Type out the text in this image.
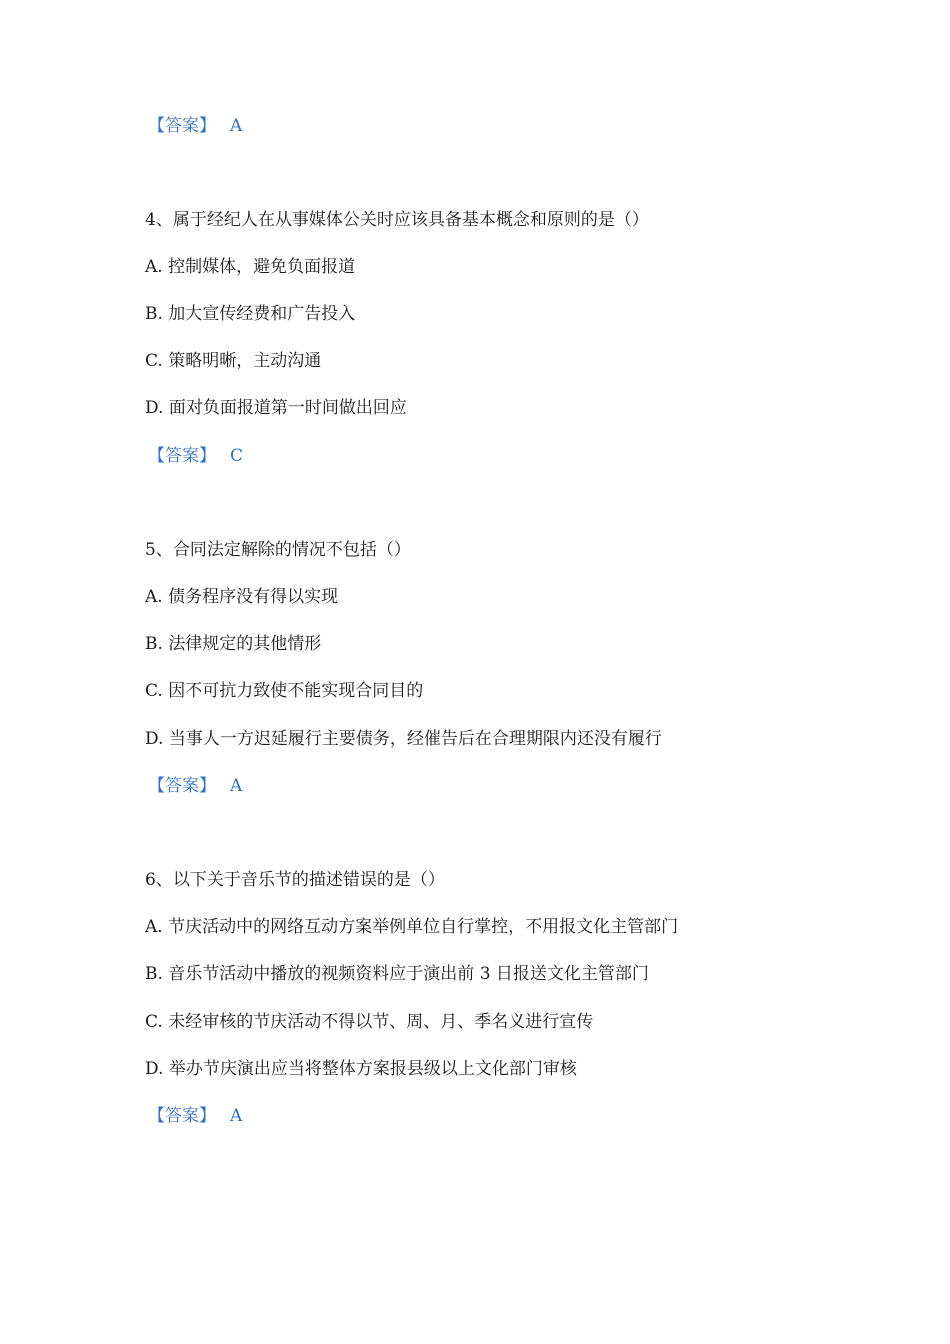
【答案】 A
4、属于经纪人在从事媒体公关时应该具备基本概念和原则的是（）
A. 控制媒体，避免负面报道
B. 加大宣传经费和广告投入
C. 策略明晰，主动沟通
D. 面对负面报道第一时间做出回应
【答案】 C
5、合同法定解除的情况不包括（）
A. 债务程序没有得以实现
B. 法律规定的其他情形
C. 因不可抗力致使不能实现合同目的
D. 当事人一方迟延履行主要债务，经催告后在合理期限内还没有履行
【答案】 A
6、以下关于音乐节的描述错误的是（）
A. 节庆活动中的网络互动方案举例单位自行掌控，不用报文化主管部门
B. 音乐节活动中播放的视频资料应于演出前 3 日报送文化主管部门
C. 未经审核的节庆活动不得以节、周、月、季名义进行宣传
D. 举办节庆演出应当将整体方案报县级以上文化部门审核
【答案】 A
